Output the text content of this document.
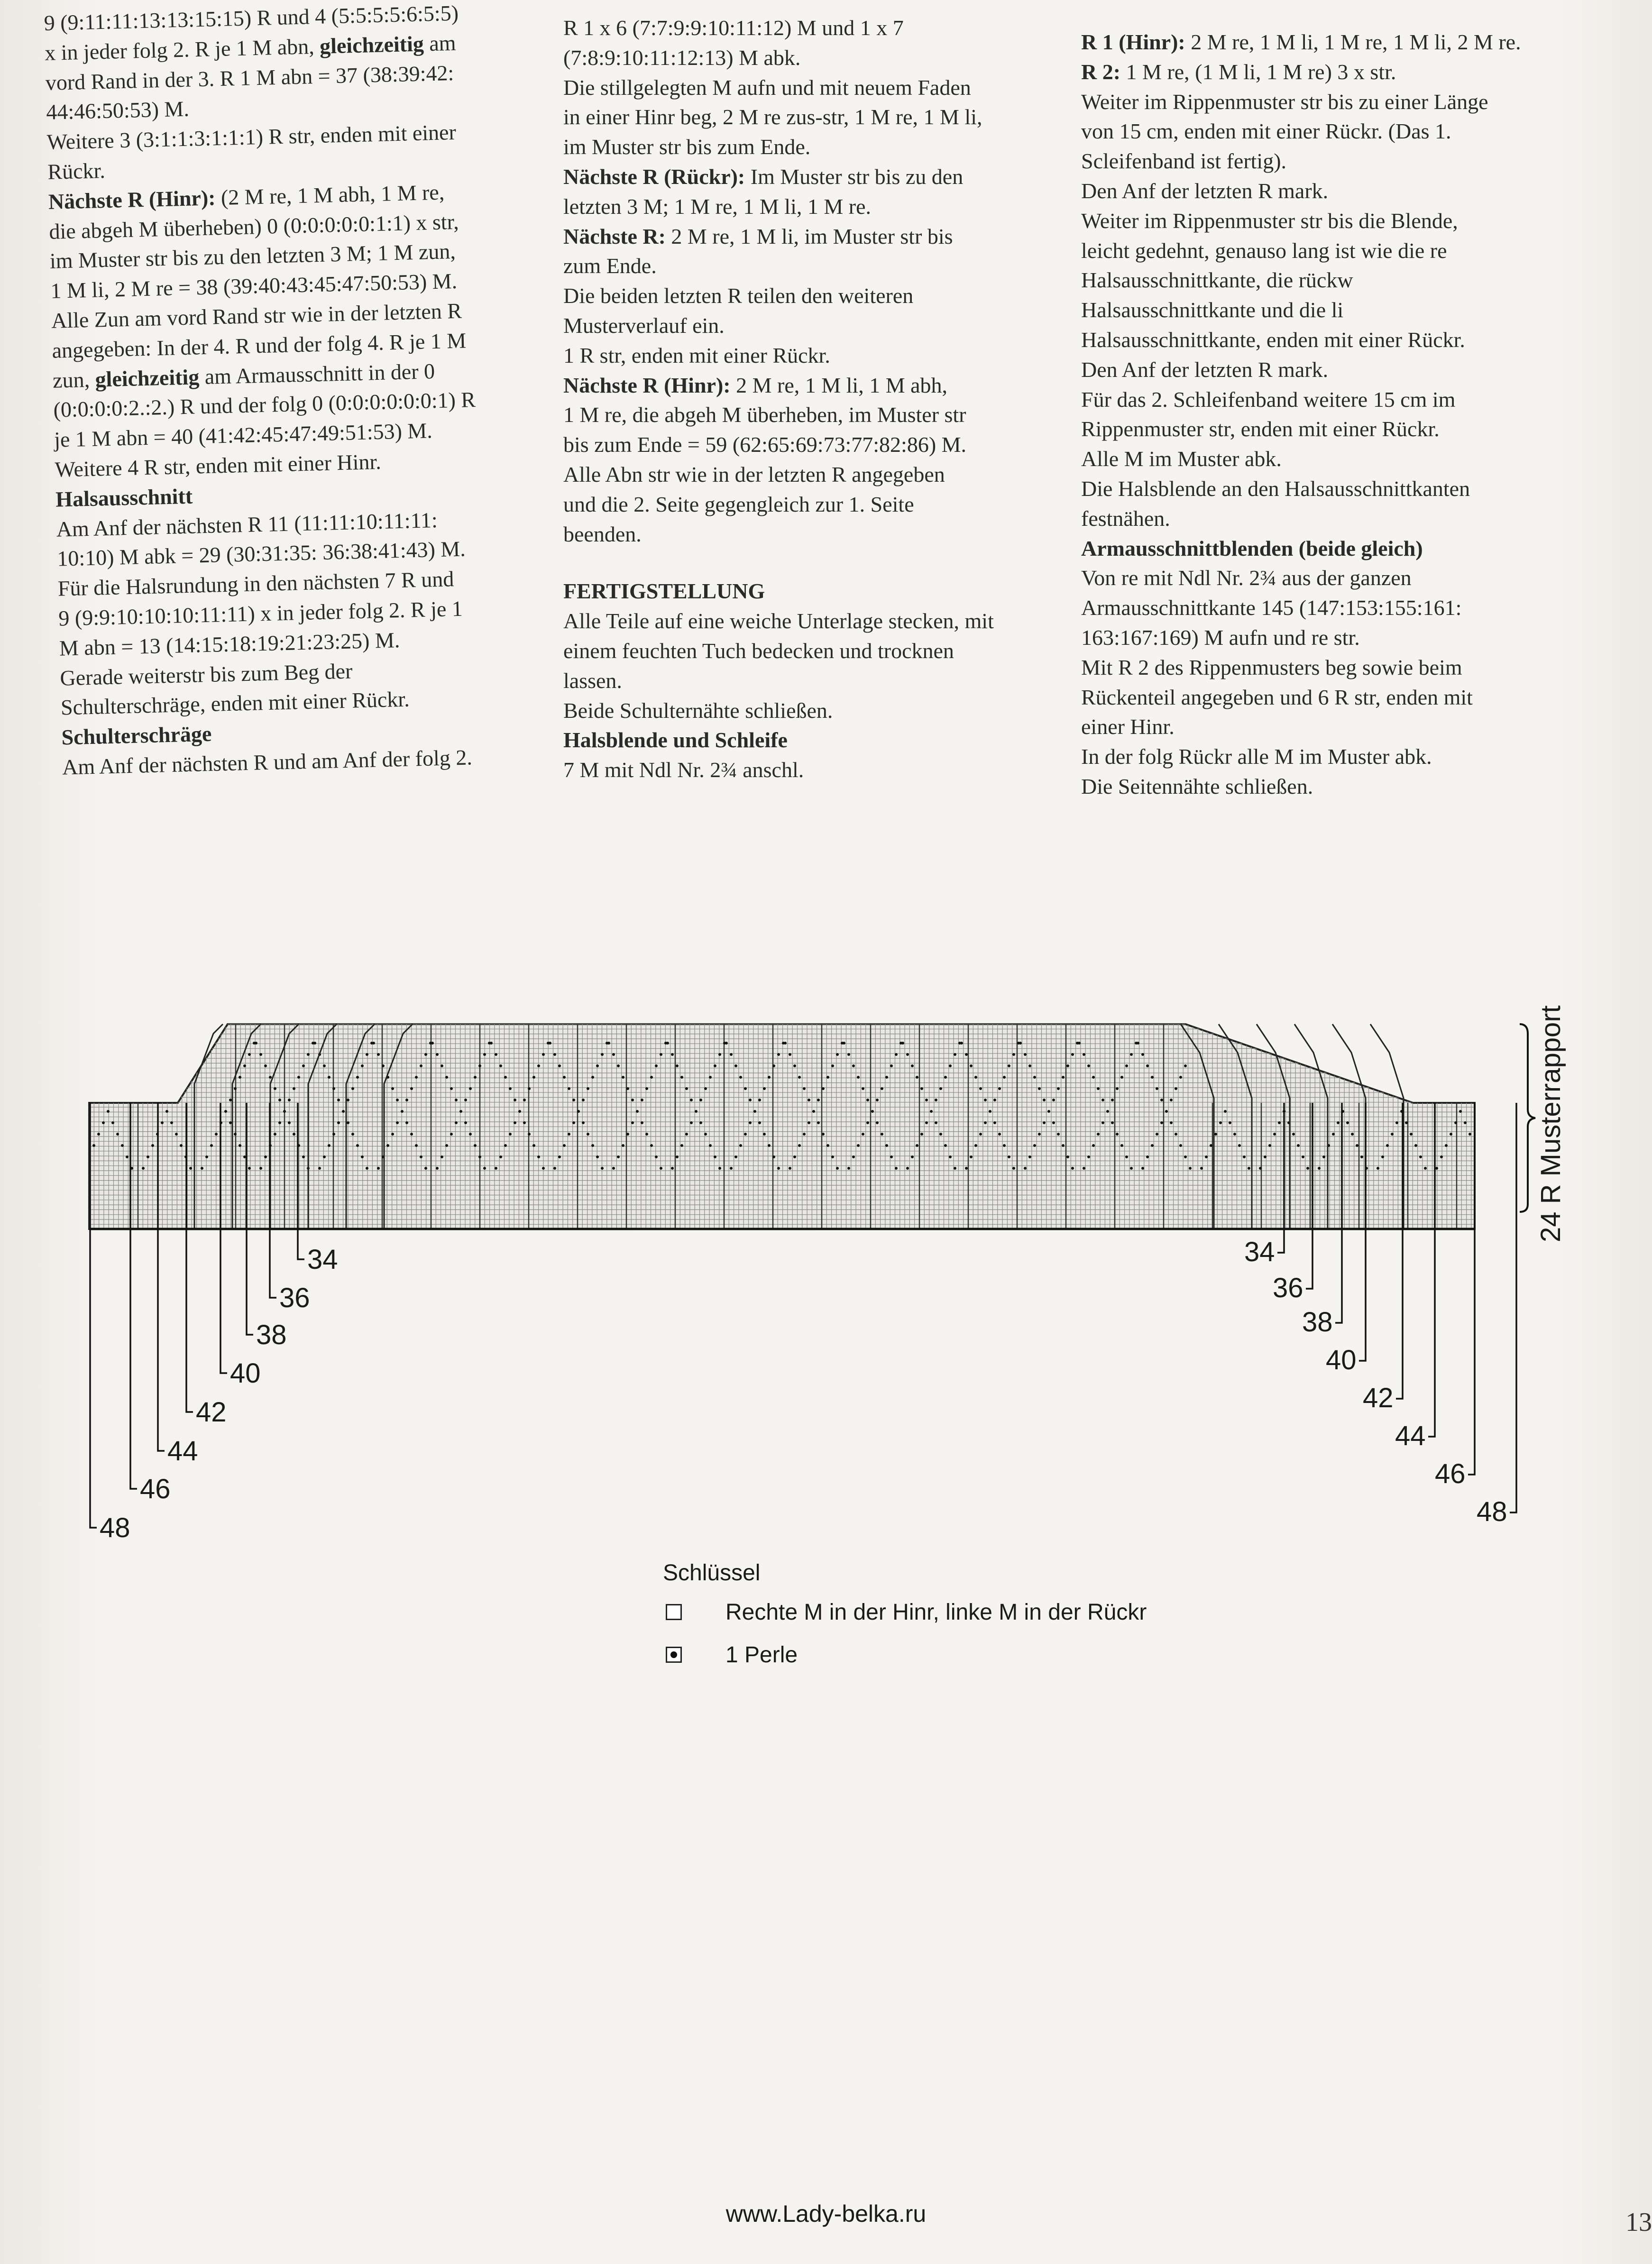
9 (9:11:11:13:13:15:15) R und 4 (5:5:5:5:6:5:5)

x in jeder folg 2. R je 1 M abn, gleichzeitig am

vord Rand in der 3. R 1 M abn = 37 (38:39:42:

44:46:50:53) M.

Weitere 3 (3:1:1:3:1:1:1) R str, enden mit einer

Rückr.

Nächste R (Hinr): (2 M re, 1 M abh, 1 M re,

die abgeh M überheben) 0 (0:0:0:0:0:1:1) x str,

im Muster str bis zu den letzten 3 M; 1 M zun,

1 M li, 2 M re = 38 (39:40:43:45:47:50:53) M.

Alle Zun am vord Rand str wie in der letzten R

angegeben: In der 4. R und der folg 4. R je 1 M

zun, gleichzeitig am Armausschnitt in der 0

(0:0:0:0:2.:2.) R und der folg 0 (0:0:0:0:0:0:1) R

je 1 M abn = 40 (41:42:45:47:49:51:53) M.

Weitere 4 R str, enden mit einer Hinr.

Halsausschnitt

Am Anf der nächsten R 11 (11:11:10:11:11:

10:10) M abk = 29 (30:31:35: 36:38:41:43) M.

Für die Halsrundung in den nächsten 7 R und

9 (9:9:10:10:10:11:11) x in jeder folg 2. R je 1

M abn = 13 (14:15:18:19:21:23:25) M.

Gerade weiterstr bis zum Beg der

Schulterschräge, enden mit einer Rückr.

Schulterschräge

Am Anf der nächsten R und am Anf der folg 2.

R 1 x 6 (7:7:9:9:10:11:12) M und 1 x 7

(7:8:9:10:11:12:13) M abk.

Die stillgelegten M aufn und mit neuem Faden

in einer Hinr beg, 2 M re zus-str, 1 M re, 1 M li,

im Muster str bis zum Ende.

Nächste R (Rückr): Im Muster str bis zu den

letzten 3 M; 1 M re, 1 M li, 1 M re.

Nächste R: 2 M re, 1 M li, im Muster str bis

zum Ende.

Die beiden letzten R teilen den weiteren

Musterverlauf ein.

1 R str, enden mit einer Rückr.

Nächste R (Hinr): 2 M re, 1 M li, 1 M abh,

1 M re, die abgeh M überheben, im Muster str

bis zum Ende = 59 (62:65:69:73:77:82:86) M.

Alle Abn str wie in der letzten R angegeben

und die 2. Seite gegengleich zur 1. Seite

beenden.

FERTIGSTELLUNG

Alle Teile auf eine weiche Unterlage stecken, mit

einem feuchten Tuch bedecken und trocknen

lassen.

Beide Schulternähte schließen.

Halsblende und Schleife

7 M mit Ndl Nr. 2¾ anschl.

R 1 (Hinr): 2 M re, 1 M li, 1 M re, 1 M li, 2 M re.

R 2: 1 M re, (1 M li, 1 M re) 3 x str.

Weiter im Rippenmuster str bis zu einer Länge

von 15 cm, enden mit einer Rückr. (Das 1.

Scleifenband ist fertig).

Den Anf der letzten R mark.

Weiter im Rippenmuster str bis die Blende,

leicht gedehnt, genauso lang ist wie die re

Halsausschnittkante, die rückw

Halsausschnittkante und die li

Halsausschnittkante, enden mit einer Rückr.

Den Anf der letzten R mark.

Für das 2. Schleifenband weitere 15 cm im

Rippenmuster str, enden mit einer Rückr.

Alle M im Muster abk.

Die Halsblende an den Halsausschnittkanten

festnähen.

Armausschnittblenden (beide gleich)

Von re mit Ndl Nr. 2¾ aus der ganzen

Armausschnittkante 145 (147:153:155:161:

163:167:169) M aufn und re str.

Mit R 2 des Rippenmusters beg sowie beim

Rückenteil angegeben und 6 R str, enden mit

einer Hinr.

In der folg Rückr alle M im Muster abk.

Die Seitennähte schließen.

34
36
38
40
42
44
46
48
34
36
38
40
42
44
46
48
24 R Musterrapport
Schlüssel
Rechte M in der Hinr, linke M in der Rückr
1 Perle
www.Lady-belka.ru	13
